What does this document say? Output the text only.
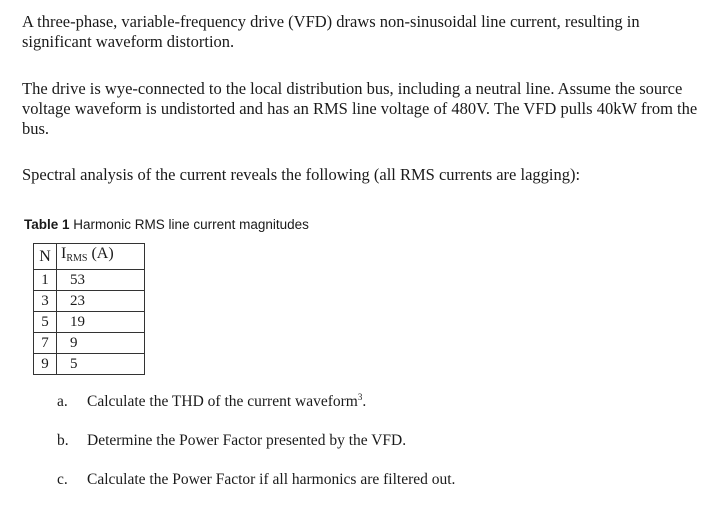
A three-phase, variable-frequency drive (VFD) draws non-sinusoidal line current, resulting in significant waveform distortion.

The drive is wye-connected to the local distribution bus, including a neutral line. Assume the source voltage waveform is undistorted and has an RMS line voltage of 480V. The VFD pulls 40kW from the bus.

Spectral analysis of the current reveals the following (all RMS currents are lagging):

Table 1 Harmonic RMS line current magnitudes
N	$I_{RMS}$ (A)
1	53
3	23
5	19
7	9
9	5
a. Calculate the THD of the current waveform$^3$.
b. Determine the Power Factor presented by the VFD.
c. Calculate the Power Factor if all harmonics are filtered out.
